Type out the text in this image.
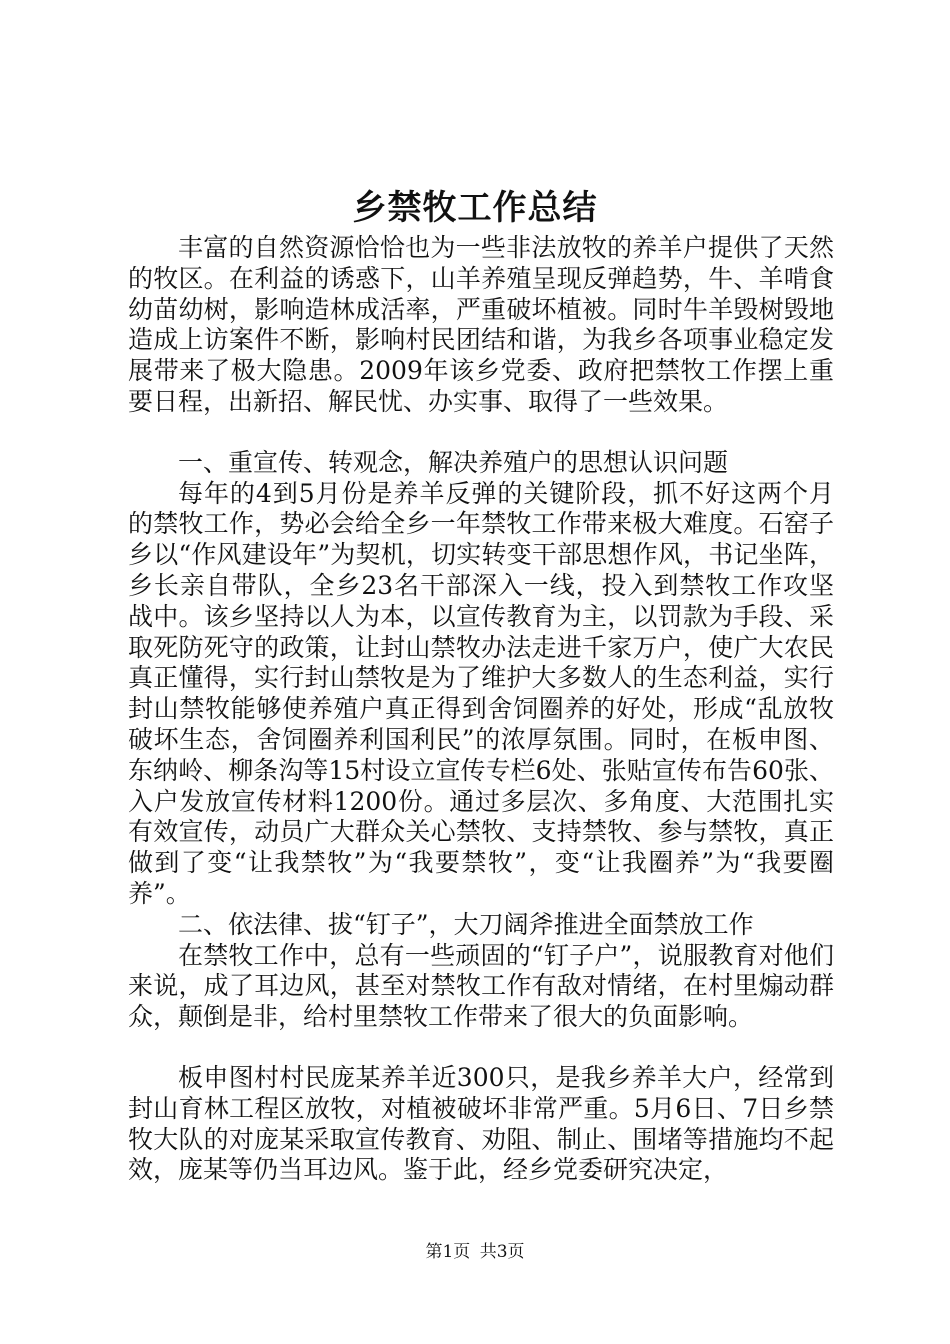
乡禁牧工作总结

丰富的自然资源恰恰也为一些非法放牧的养羊户提供了天然的牧区。在利益的诱惑下，山羊养殖呈现反弹趋势，牛、羊啃食幼苗幼树，影响造林成活率，严重破坏植被。同时牛羊毁树毁地造成上访案件不断，影响村民团结和谐，为我乡各项事业稳定发展带来了极大隐患。2009年该乡党委、政府把禁牧工作摆上重要日程，出新招、解民忧、办实事、取得了一些效果。

一、重宣传、转观念，解决养殖户的思想认识问题

每年的4到5月份是养羊反弹的关键阶段，抓不好这两个月的禁牧工作，势必会给全乡一年禁牧工作带来极大难度。石窑子乡以“作风建设年”为契机，切实转变干部思想作风，书记坐阵，乡长亲自带队，全乡23名干部深入一线，投入到禁牧工作攻坚战中。该乡坚持以人为本，以宣传教育为主，以罚款为手段、采取死防死守的政策，让封山禁牧办法走进千家万户，使广大农民真正懂得，实行封山禁牧是为了维护大多数人的生态利益，实行封山禁牧能够使养殖户真正得到舍饲圈养的好处，形成“乱放牧破坏生态，舍饲圈养利国利民”的浓厚氛围。同时，在板申图、东纳岭、柳条沟等15村设立宣传专栏6处、张贴宣传布告60张、入户发放宣传材料1200份。通过多层次、多角度、大范围扎实有效宣传，动员广大群众关心禁牧、支持禁牧、参与禁牧，真正做到了变“让我禁牧”为“我要禁牧”，变“让我圈养”为“我要圈养”。

二、依法律、拔“钉子”，大刀阔斧推进全面禁放工作

在禁牧工作中，总有一些顽固的“钉子户”，说服教育对他们来说，成了耳边风，甚至对禁牧工作有敌对情绪，在村里煽动群众，颠倒是非，给村里禁牧工作带来了很大的负面影响。

板申图村村民庞某养羊近300只，是我乡养羊大户，经常到封山育林工程区放牧，对植被破坏非常严重。5月6日、7日乡禁牧大队的对庞某采取宣传教育、劝阻、制止、围堵等措施均不起效，庞某等仍当耳边风。鉴于此，经乡党委研究决定，

第1页 共3页
